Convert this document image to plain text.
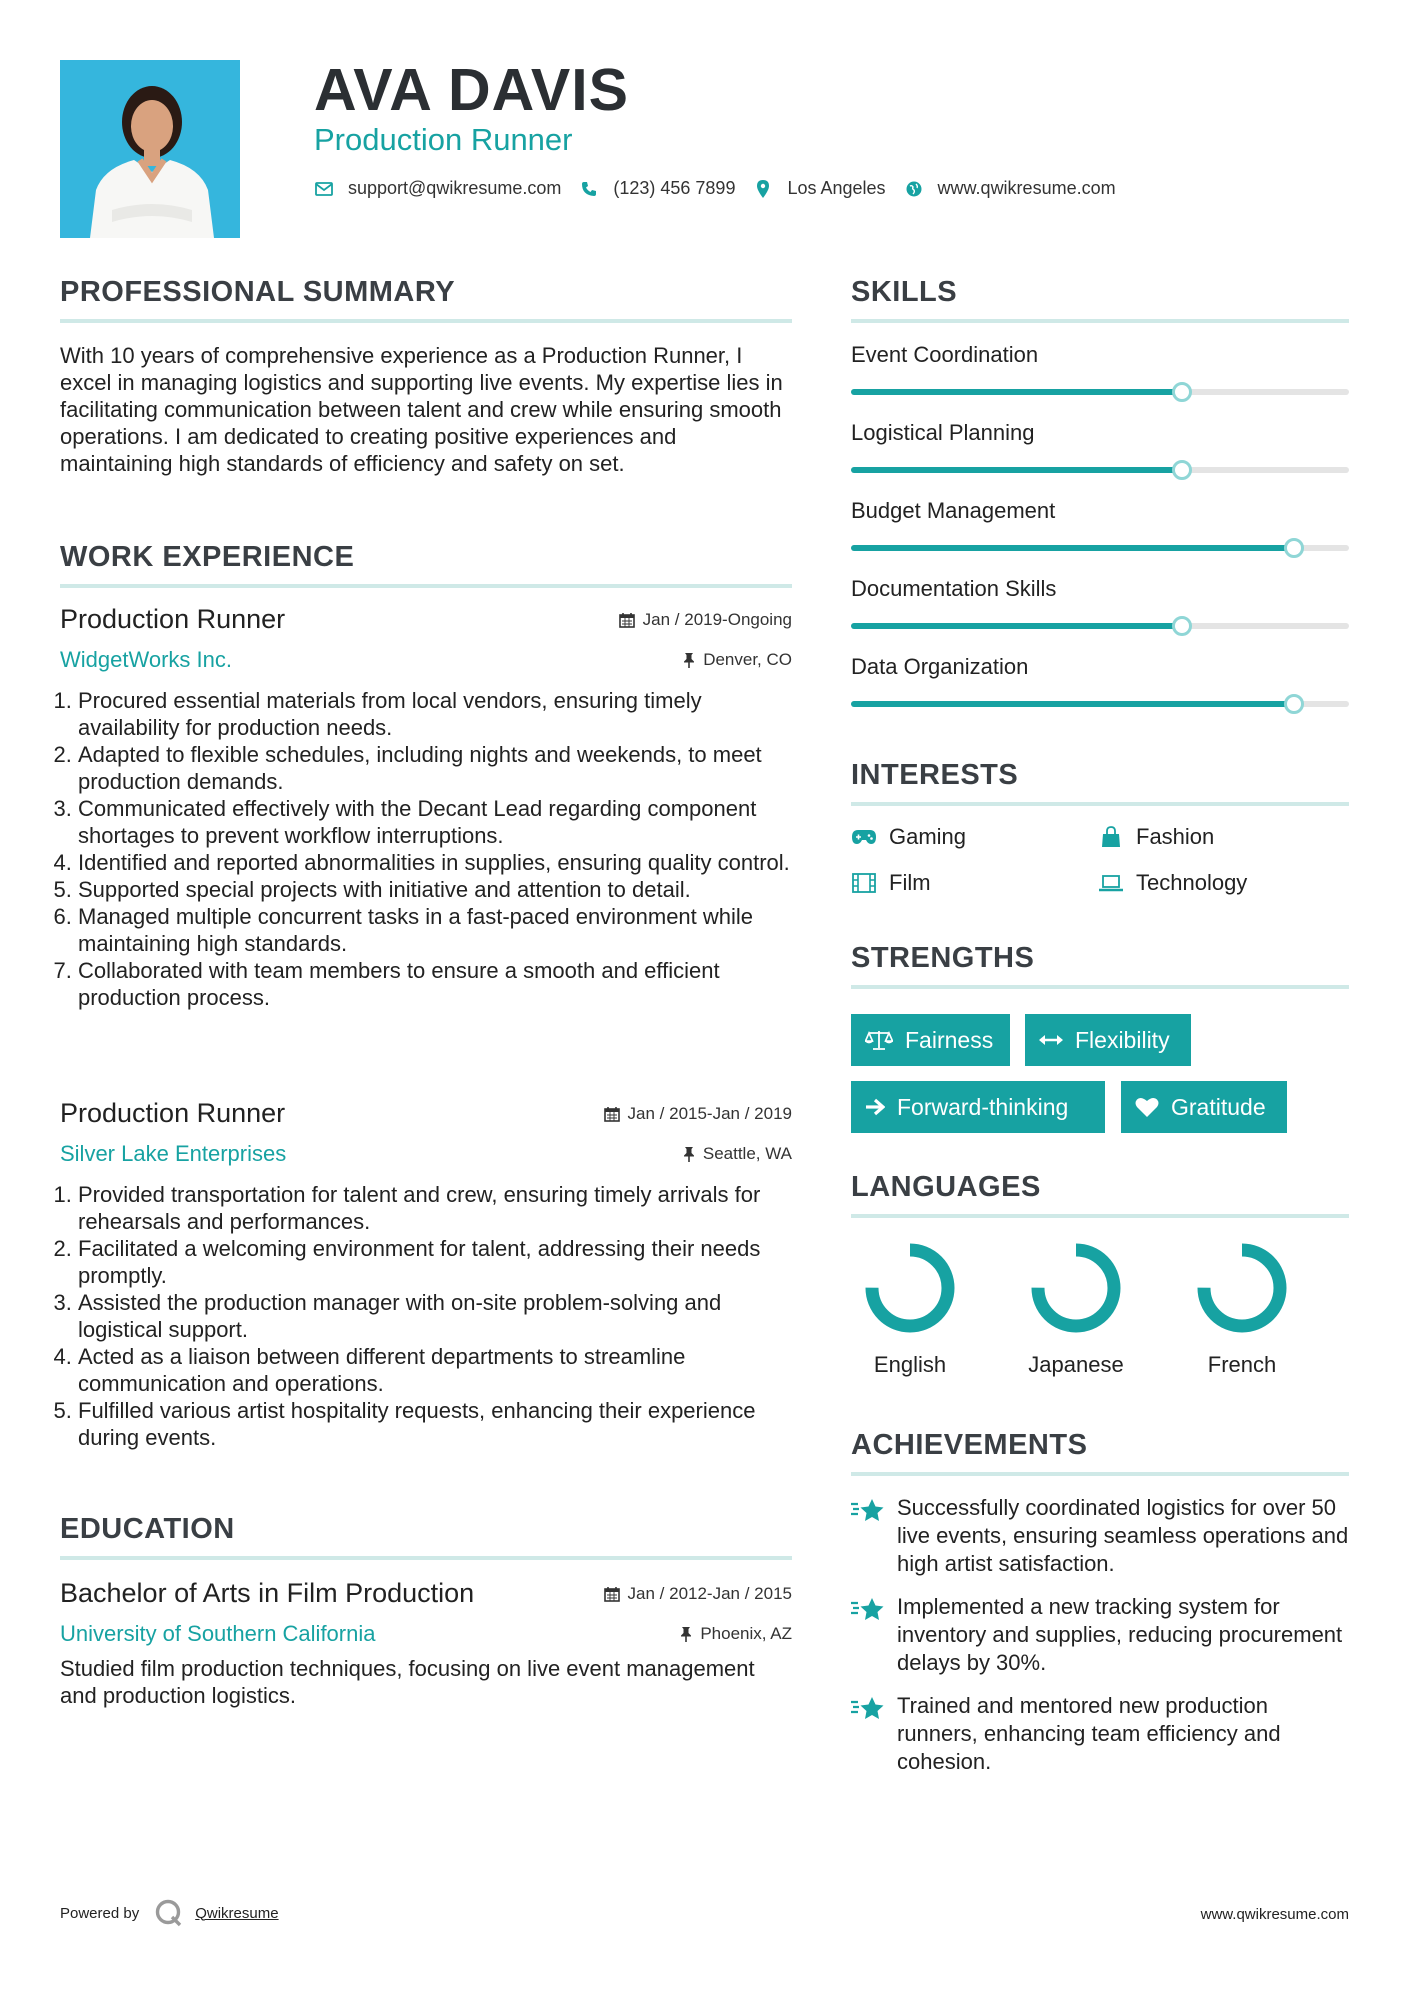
AVA DAVIS
Production Runner
support@qwikresume.com	(123) 456 7899	Los Angeles	www.qwikresume.com
PROFESSIONAL SUMMARY
With 10 years of comprehensive experience as a Production Runner, I excel in managing logistics and supporting live events. My expertise lies in facilitating communication between talent and crew while ensuring smooth operations. I am dedicated to creating positive experiences and maintaining high standards of efficiency and safety on set.
WORK EXPERIENCE
Production Runner	Jan / 2019-Ongoing
WidgetWorks Inc.	Denver, CO
1. Procured essential materials from local vendors, ensuring timely availability for production needs.
2. Adapted to flexible schedules, including nights and weekends, to meet production demands.
3. Communicated effectively with the Decant Lead regarding component shortages to prevent workflow interruptions.
4. Identified and reported abnormalities in supplies, ensuring quality control.
5. Supported special projects with initiative and attention to detail.
6. Managed multiple concurrent tasks in a fast-paced environment while maintaining high standards.
7. Collaborated with team members to ensure a smooth and efficient production process.
Production Runner	Jan / 2015-Jan / 2019
Silver Lake Enterprises	Seattle, WA
1. Provided transportation for talent and crew, ensuring timely arrivals for rehearsals and performances.
2. Facilitated a welcoming environment for talent, addressing their needs promptly.
3. Assisted the production manager with on-site problem-solving and logistical support.
4. Acted as a liaison between different departments to streamline communication and operations.
5. Fulfilled various artist hospitality requests, enhancing their experience during events.
EDUCATION
Bachelor of Arts in Film Production	Jan / 2012-Jan / 2015
University of Southern California	Phoenix, AZ
Studied film production techniques, focusing on live event management and production logistics.
SKILLS
Event Coordination
Logistical Planning
Budget Management
Documentation Skills
Data Organization
INTERESTS
Gaming	Fashion
Film	Technology
STRENGTHS
Fairness	Flexibility
Forward-thinking	Gratitude
LANGUAGES
English	Japanese	French
ACHIEVEMENTS
Successfully coordinated logistics for over 50 live events, ensuring seamless operations and high artist satisfaction.
Implemented a new tracking system for inventory and supplies, reducing procurement delays by 30%.
Trained and mentored new production runners, enhancing team efficiency and cohesion.
Powered by	Qwikresume	www.qwikresume.com
